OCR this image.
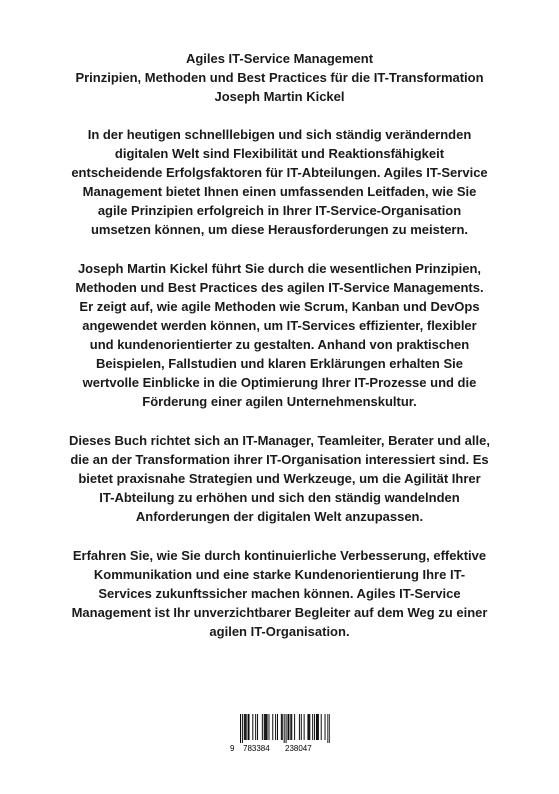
Agiles IT-Service Management
Prinzipien, Methoden und Best Practices für die IT-Transformation
Joseph Martin Kickel

In der heutigen schnelllebigen und sich ständig verändernden
digitalen Welt sind Flexibilität und Reaktionsfähigkeit
entscheidende Erfolgsfaktoren für IT-Abteilungen. Agiles IT-Service
Management bietet Ihnen einen umfassenden Leitfaden, wie Sie
agile Prinzipien erfolgreich in Ihrer IT-Service-Organisation
umsetzen können, um diese Herausforderungen zu meistern.

Joseph Martin Kickel führt Sie durch die wesentlichen Prinzipien,
Methoden und Best Practices des agilen IT-Service Managements.
Er zeigt auf, wie agile Methoden wie Scrum, Kanban und DevOps
angewendet werden können, um IT-Services effizienter, flexibler
und kundenorientierter zu gestalten. Anhand von praktischen
Beispielen, Fallstudien und klaren Erklärungen erhalten Sie
wertvolle Einblicke in die Optimierung Ihrer IT-Prozesse und die
Förderung einer agilen Unternehmenskultur.

Dieses Buch richtet sich an IT-Manager, Teamleiter, Berater und alle,
die an der Transformation ihrer IT-Organisation interessiert sind. Es
bietet praxisnahe Strategien und Werkzeuge, um die Agilität Ihrer
IT-Abteilung zu erhöhen und sich den ständig wandelnden
Anforderungen der digitalen Welt anzupassen.

Erfahren Sie, wie Sie durch kontinuierliche Verbesserung, effektive
Kommunikation und eine starke Kundenorientierung Ihre IT-
Services zukunftssicher machen können. Agiles IT-Service
Management ist Ihr unverzichtbarer Begleiter auf dem Weg zu einer
agilen IT-Organisation.

9 783384 238047
